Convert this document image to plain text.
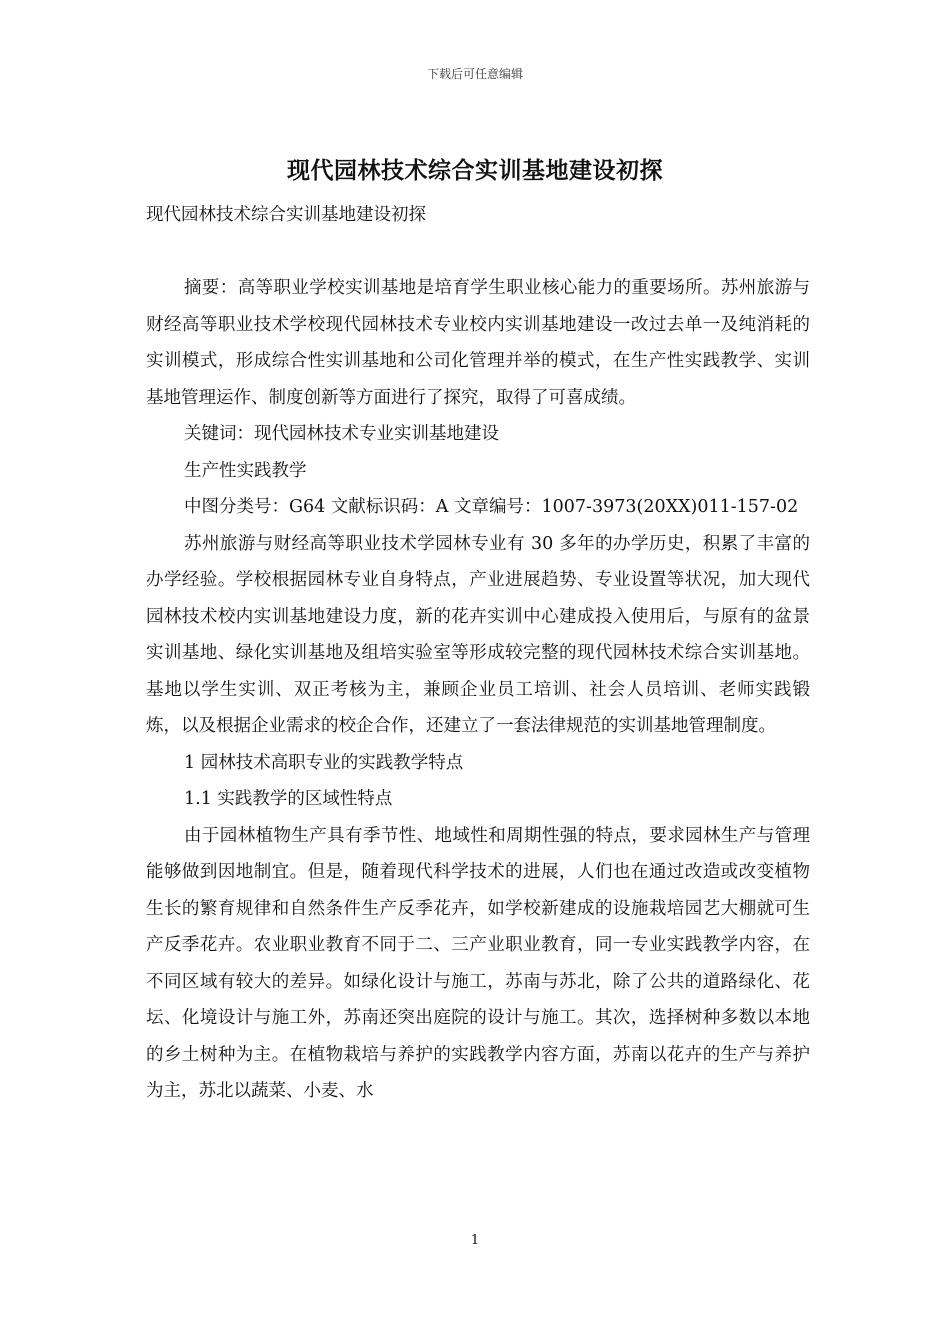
下载后可任意编辑
现代园林技术综合实训基地建设初探

现代园林技术综合实训基地建设初探

摘要：高等职业学校实训基地是培育学生职业核心能力的重要场所。苏州旅游与财经高等职业技术学校现代园林技术专业校内实训基地建设一改过去单一及纯消耗的实训模式，形成综合性实训基地和公司化管理并举的模式，在生产性实践教学、实训基地管理运作、制度创新等方面进行了探究，取得了可喜成绩。

关键词：现代园林技术专业实训基地建设

生产性实践教学

中图分类号：G64 文献标识码：A 文章编号：1007-3973(20XX)011-157-02

苏州旅游与财经高等职业技术学园林专业有 30 多年的办学历史，积累了丰富的办学经验。学校根据园林专业自身特点，产业进展趋势、专业设置等状况，加大现代园林技术校内实训基地建设力度，新的花卉实训中心建成投入使用后，与原有的盆景实训基地、绿化实训基地及组培实验室等形成较完整的现代园林技术综合实训基地。基地以学生实训、双正考核为主，兼顾企业员工培训、社会人员培训、老师实践锻炼，以及根据企业需求的校企合作，还建立了一套法律规范的实训基地管理制度。

1 园林技术高职专业的实践教学特点

1.1 实践教学的区域性特点

由于园林植物生产具有季节性、地域性和周期性强的特点，要求园林生产与管理能够做到因地制宜。但是，随着现代科学技术的进展，人们也在通过改造或改变植物生长的繁育规律和自然条件生产反季花卉，如学校新建成的设施栽培园艺大棚就可生产反季花卉。农业职业教育不同于二、三产业职业教育，同一专业实践教学内容，在不同区域有较大的差异。如绿化设计与施工，苏南与苏北，除了公共的道路绿化、花坛、化境设计与施工外，苏南还突出庭院的设计与施工。其次，选择树种多数以本地的乡土树种为主。在植物栽培与养护的实践教学内容方面，苏南以花卉的生产与养护为主，苏北以蔬菜、小麦、水

1
